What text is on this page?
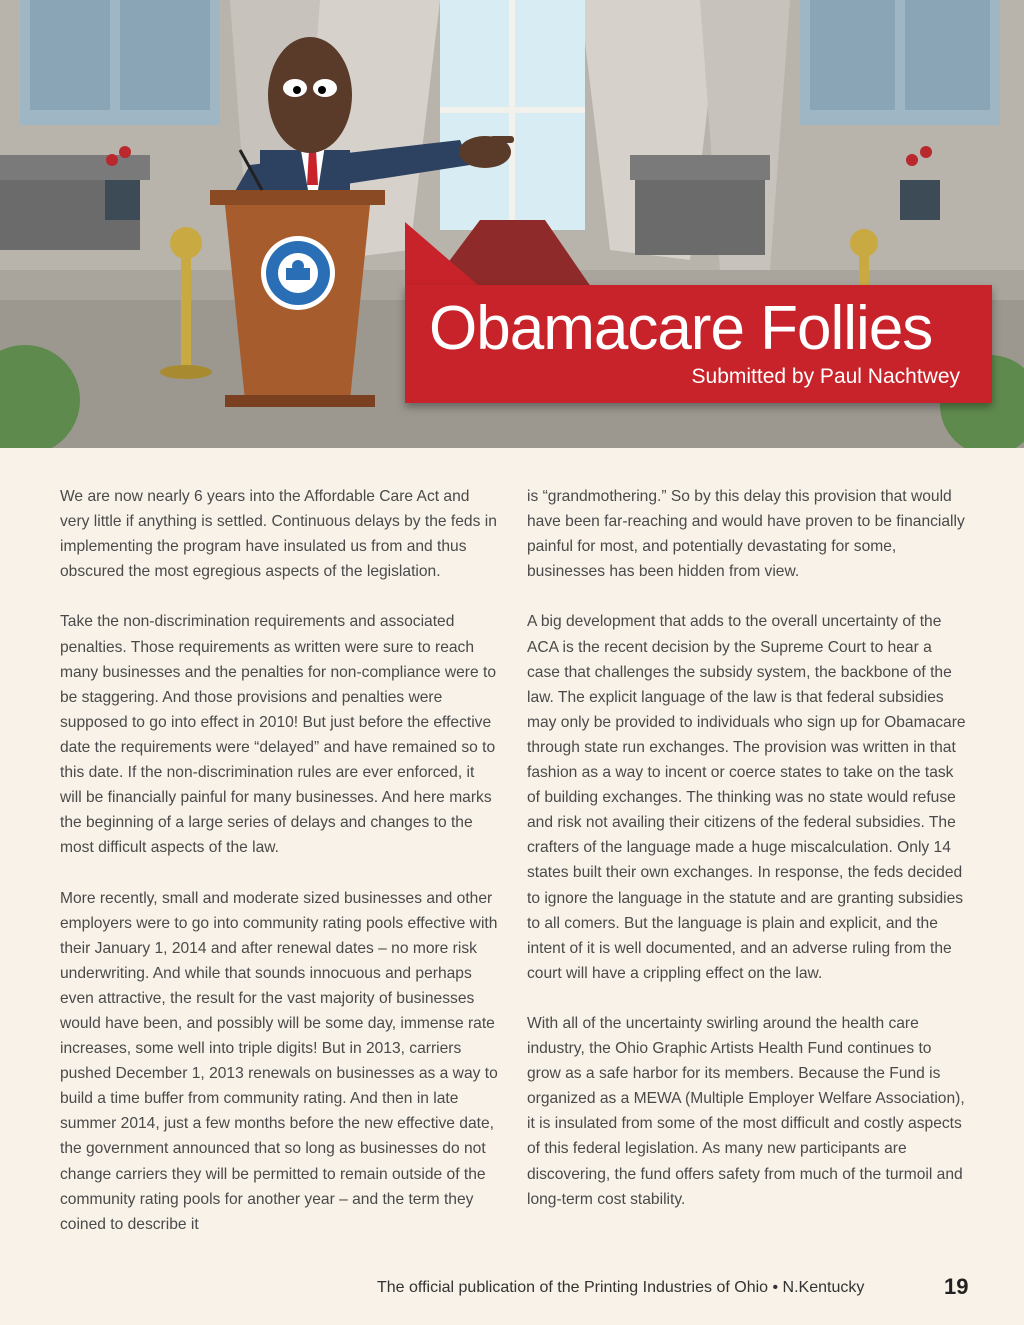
Obamacare Follies
Submitted by Paul Nachtwey

We are now nearly 6 years into the Affordable Care Act and very little if anything is settled. Continuous delays by the feds in implementing the program have insulated us from and thus obscured the most egregious aspects of the legislation.

Take the non-discrimination requirements and associated penalties. Those requirements as written were sure to reach many businesses and the penalties for non-compliance were to be staggering. And those provisions and penalties were supposed to go into effect in 2010! But just before the effective date the requirements were “delayed” and have remained so to this date. If the non-discrimination rules are ever enforced, it will be financially painful for many businesses. And here marks the beginning of a large series of delays and changes to the most difficult aspects of the law.

More recently, small and moderate sized businesses and other employers were to go into community rating pools effective with their January 1, 2014 and after renewal dates – no more risk underwriting. And while that sounds innocuous and perhaps even attractive, the result for the vast majority of businesses would have been, and possibly will be some day, immense rate increases, some well into triple digits! But in 2013, carriers pushed December 1, 2013 renewals on businesses as a way to build a time buffer from community rating. And then in late summer 2014, just a few months before the new effective date, the government announced that so long as businesses do not change carriers they will be permitted to remain outside of the community rating pools for another year – and the term they coined to describe it

is “grandmothering.” So by this delay this provision that would have been far-reaching and would have proven to be financially painful for most, and potentially devastating for some, businesses has been hidden from view.

A big development that adds to the overall uncertainty of the ACA is the recent decision by the Supreme Court to hear a case that challenges the subsidy system, the backbone of the law. The explicit language of the law is that federal subsidies may only be provided to individuals who sign up for Obamacare through state run exchanges. The provision was written in that fashion as a way to incent or coerce states to take on the task of building exchanges. The thinking was no state would refuse and risk not availing their citizens of the federal subsidies. The crafters of the language made a huge miscalculation. Only 14 states built their own exchanges. In response, the feds decided to ignore the language in the statute and are granting subsidies to all comers. But the language is plain and explicit, and the intent of it is well documented, and an adverse ruling from the court will have a crippling effect on the law.

With all of the uncertainty swirling around the health care industry, the Ohio Graphic Artists Health Fund continues to grow as a safe harbor for its members. Because the Fund is organized as a MEWA (Multiple Employer Welfare Association), it is insulated from some of the most difficult and costly aspects of this federal legislation. As many new participants are discovering, the fund offers safety from much of the turmoil and long-term cost stability.

The official publication of the Printing Industries of Ohio • N.Kentucky	19
